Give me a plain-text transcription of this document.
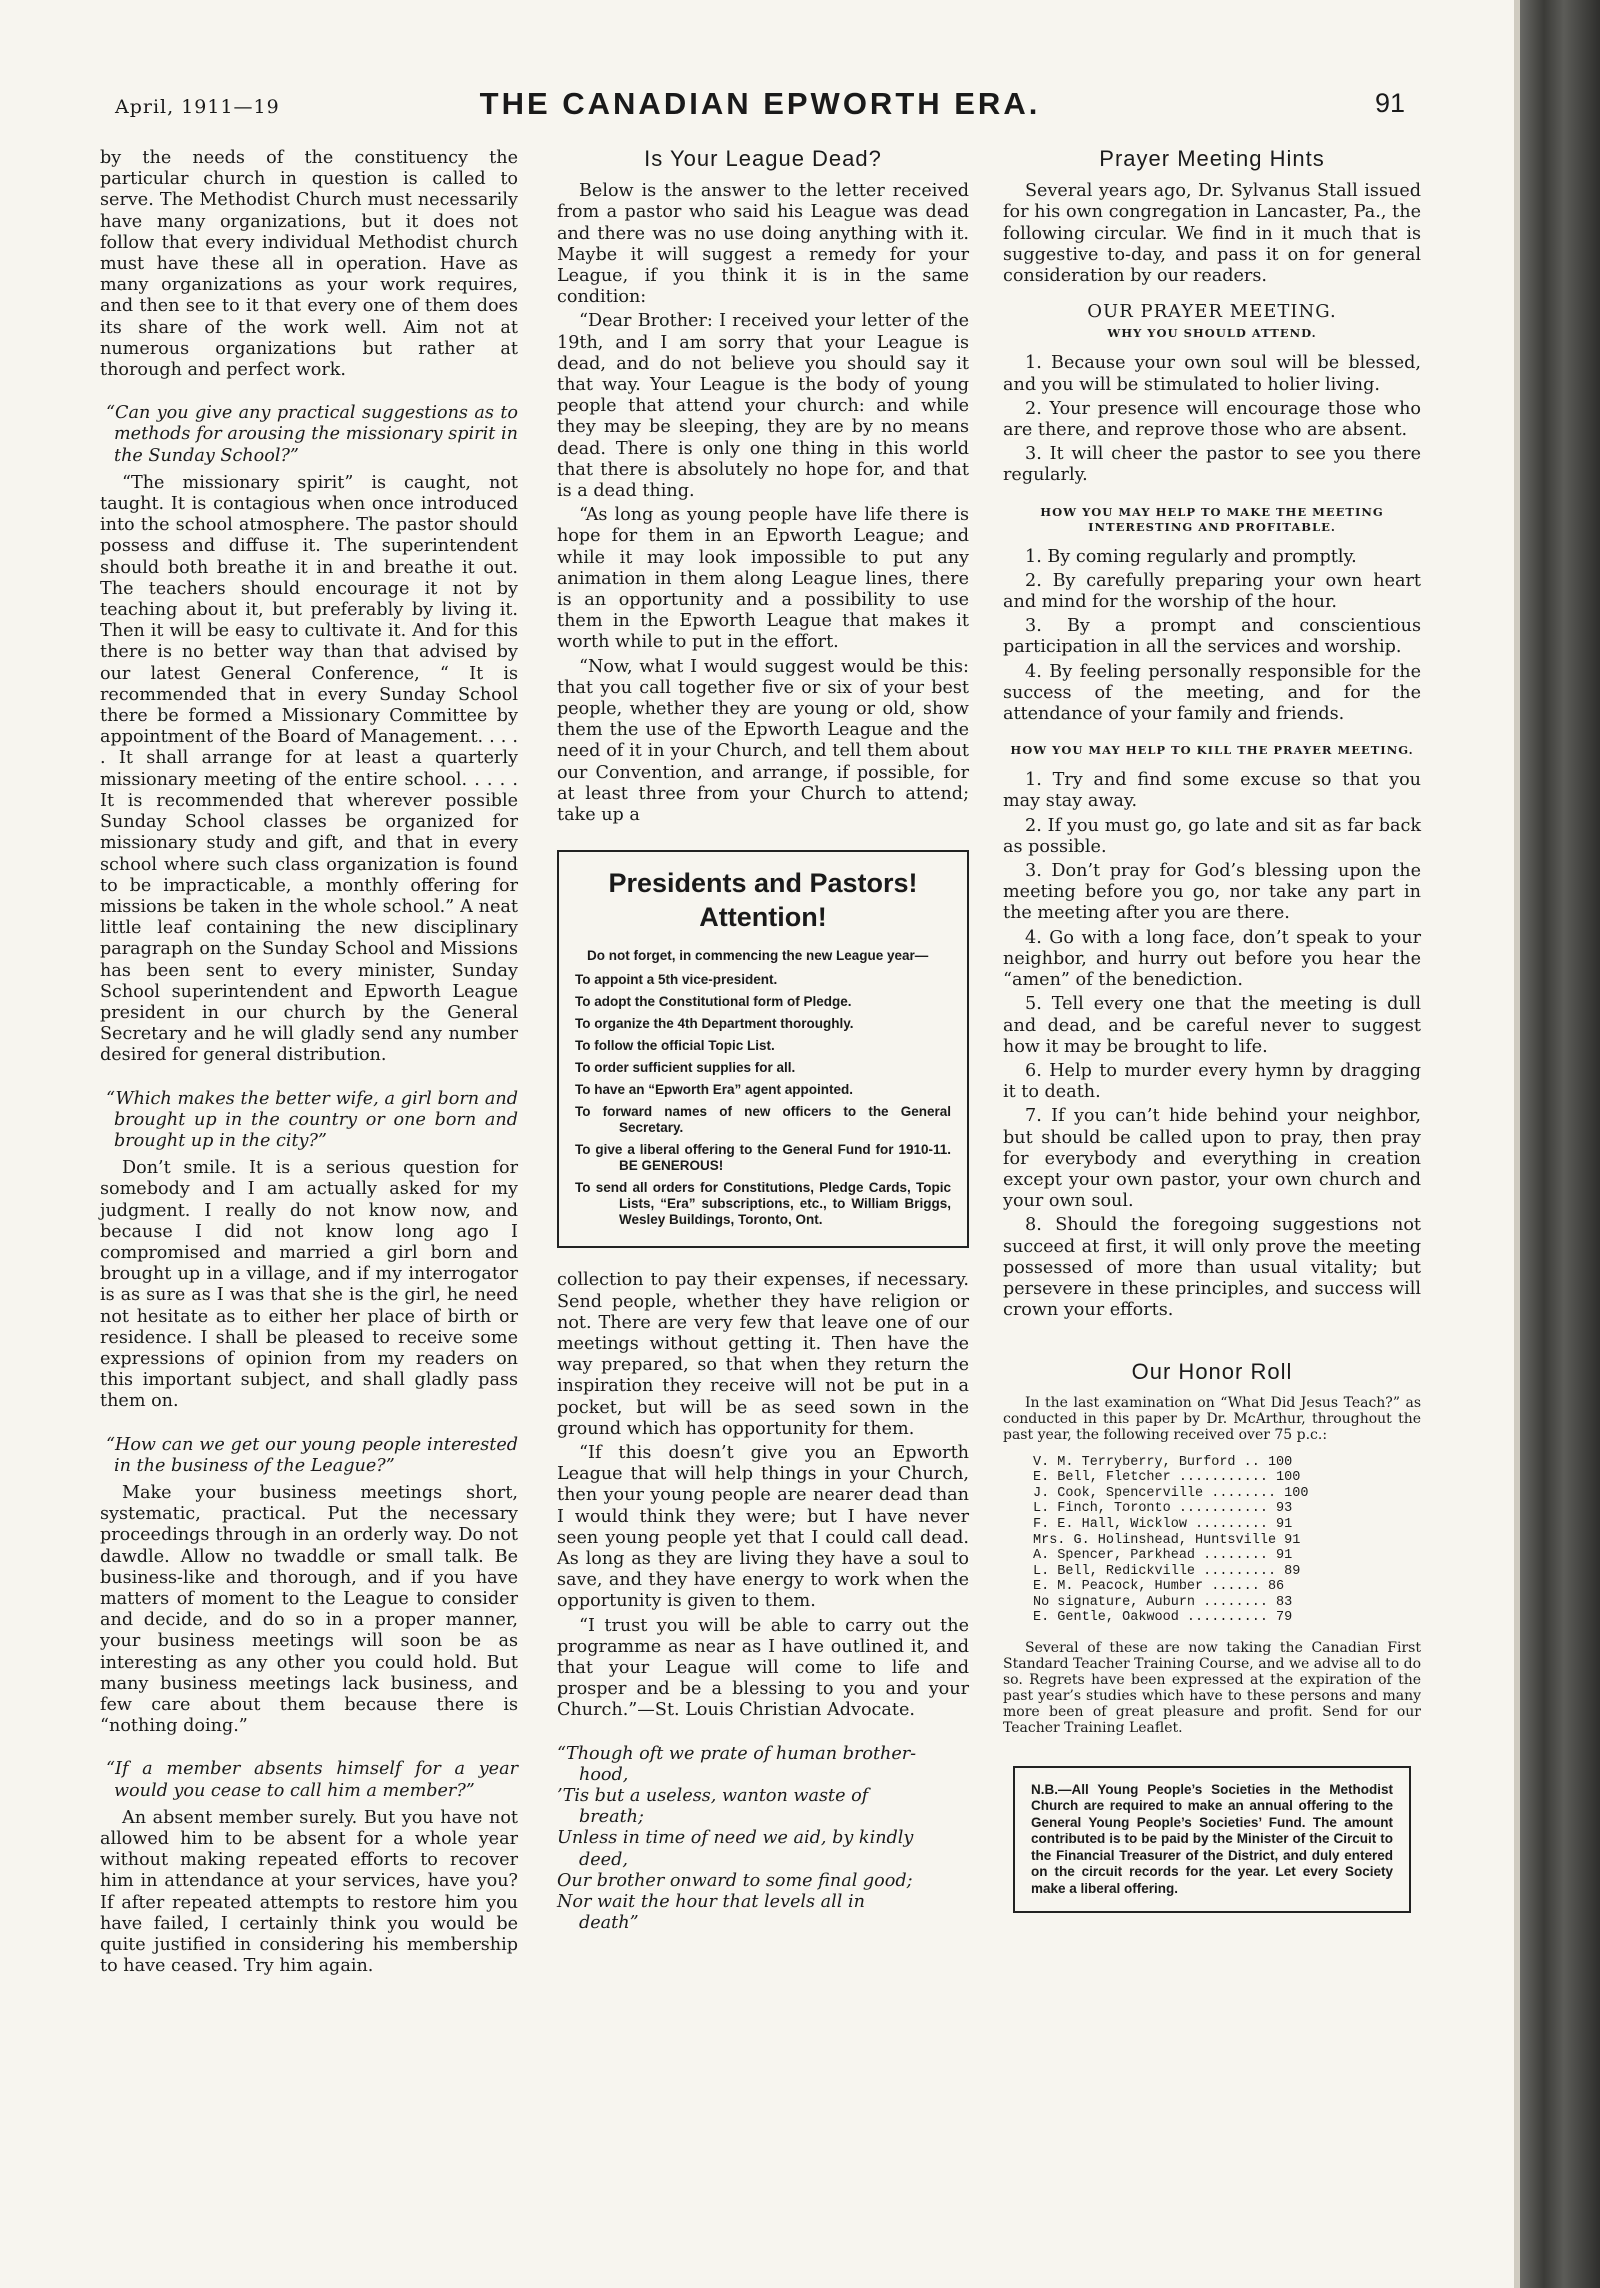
April, 1911—19	THE CANADIAN EPWORTH ERA.	91

by the needs of the constituency the particular church in question is called to serve. The Methodist Church must necessarily have many organizations, but it does not follow that every individual Methodist church must have these all in operation. Have as many organizations as your work requires, and then see to it that every one of them does its share of the work well. Aim not at numerous organizations but rather at thorough and perfect work.

“Can you give any practical suggestions as to methods for arousing the missionary spirit in the Sunday School?”

“The missionary spirit” is caught, not taught. It is contagious when once introduced into the school atmosphere. The pastor should possess and diffuse it. The superintendent should both breathe it in and breathe it out. The teachers should encourage it not by teaching about it, but preferably by living it. Then it will be easy to cultivate it. And for this there is no better way than that advised by our latest General Conference, “ It is recommended that in every Sunday School there be formed a Missionary Committee by appointment of the Board of Management. . . . . It shall arrange for at least a quarterly missionary meeting of the entire school. . . . . It is recommended that wherever possible Sunday School classes be organized for missionary study and gift, and that in every school where such class organization is found to be impracticable, a monthly offering for missions be taken in the whole school.” A neat little leaf containing the new disciplinary paragraph on the Sunday School and Missions has been sent to every minister, Sunday School superintendent and Epworth League president in our church by the General Secretary and he will gladly send any number desired for general distribution.

“Which makes the better wife, a girl born and brought up in the country or one born and brought up in the city?”

Don’t smile. It is a serious question for somebody and I am actually asked for my judgment. I really do not know now, and because I did not know long ago I compromised and married a girl born and brought up in a village, and if my interrogator is as sure as I was that she is the girl, he need not hesitate as to either her place of birth or residence. I shall be pleased to receive some expressions of opinion from my readers on this important subject, and shall gladly pass them on.

“How can we get our young people interested in the business of the League?”

Make your business meetings short, systematic, practical. Put the necessary proceedings through in an orderly way. Do not dawdle. Allow no twaddle or small talk. Be business-like and thorough, and if you have matters of moment to the League to consider and decide, and do so in a proper manner, your business meetings will soon be as interesting as any other you could hold. But many business meetings lack business, and few care about them because there is “nothing doing.”

“If a member absents himself for a year would you cease to call him a member?”

An absent member surely. But you have not allowed him to be absent for a whole year without making repeated efforts to recover him in attendance at your services, have you? If after repeated attempts to restore him you have failed, I certainly think you would be quite justified in considering his membership to have ceased. Try him again.

Is Your League Dead?

Below is the answer to the letter received from a pastor who said his League was dead and there was no use doing anything with it. Maybe it will suggest a remedy for your League, if you think it is in the same condition:

“Dear Brother: I received your letter of the 19th, and I am sorry that your League is dead, and do not believe you should say it that way. Your League is the body of young people that attend your church: and while they may be sleeping, they are by no means dead. There is only one thing in this world that there is absolutely no hope for, and that is a dead thing.

“As long as young people have life there is hope for them in an Epworth League; and while it may look impossible to put any animation in them along League lines, there is an opportunity and a possibility to use them in the Epworth League that makes it worth while to put in the effort.

“Now, what I would suggest would be this: that you call together five or six of your best people, whether they are young or old, show them the use of the Epworth League and the need of it in your Church, and tell them about our Convention, and arrange, if possible, for at least three from your Church to attend; take up a

Presidents and Pastors! Attention!
Do not forget, in commencing the new League year—
To appoint a 5th vice-president.
To adopt the Constitutional form of Pledge.
To organize the 4th Department thoroughly.
To follow the official Topic List.
To order sufficient supplies for all.
To have an “Epworth Era” agent appointed.
To forward names of new officers to the General Secretary.
To give a liberal offering to the General Fund for 1910-11. BE GENEROUS!
To send all orders for Constitutions, Pledge Cards, Topic Lists, “Era” subscriptions, etc., to William Briggs, Wesley Buildings, Toronto, Ont.

collection to pay their expenses, if necessary. Send people, whether they have religion or not. There are very few that leave one of our meetings without getting it. Then have the way prepared, so that when they return the inspiration they receive will not be put in a pocket, but will be as seed sown in the ground which has opportunity for them.

“If this doesn’t give you an Epworth League that will help things in your Church, then your young people are nearer dead than I would think they were; but I have never seen young people yet that I could call dead. As long as they are living they have a soul to save, and they have energy to work when the opportunity is given to them.

“I trust you will be able to carry out the programme as near as I have outlined it, and that your League will come to life and prosper and be a blessing to you and your Church.”—St. Louis Christian Advocate.

“Though oft we prate of human brother-
hood,
’Tis but a useless, wanton waste of
breath;
Unless in time of need we aid, by kindly
deed,
Our brother onward to some final good;
Nor wait the hour that levels all in
death”
Prayer Meeting Hints

Several years ago, Dr. Sylvanus Stall issued for his own congregation in Lancaster, Pa., the following circular. We find in it much that is suggestive to-day, and pass it on for general consideration by our readers.

OUR PRAYER MEETING.
WHY YOU SHOULD ATTEND.

1. Because your own soul will be blessed, and you will be stimulated to holier living.

2. Your presence will encourage those who are there, and reprove those who are absent.

3. It will cheer the pastor to see you there regularly.

HOW YOU MAY HELP TO MAKE THE MEETING INTERESTING AND PROFITABLE.

1. By coming regularly and promptly.

2. By carefully preparing your own heart and mind for the worship of the hour.

3. By a prompt and conscientious participation in all the services and worship.

4. By feeling personally responsible for the success of the meeting, and for the attendance of your family and friends.

HOW YOU MAY HELP TO KILL THE PRAYER MEETING.

1. Try and find some excuse so that you may stay away.

2. If you must go, go late and sit as far back as possible.

3. Don’t pray for God’s blessing upon the meeting before you go, nor take any part in the meeting after you are there.

4. Go with a long face, don’t speak to your neighbor, and hurry out before you hear the “amen” of the benediction.

5. Tell every one that the meeting is dull and dead, and be careful never to suggest how it may be brought to life.

6. Help to murder every hymn by dragging it to death.

7. If you can’t hide behind your neighbor, but should be called upon to pray, then pray for everybody and everything in creation except your own pastor, your own church and your own soul.

8. Should the foregoing suggestions not succeed at first, it will only prove the meeting possessed of more than usual vitality; but persevere in these principles, and success will crown your efforts.

Our Honor Roll

In the last examination on “What Did Jesus Teach?” as conducted in this paper by Dr. McArthur, throughout the past year, the following received over 75 p.c.:

V. M. Terryberry, Burford .. 100
E. Bell, Fletcher ........... 100
J. Cook, Spencerville ........ 100
L. Finch, Toronto ........... 93
F. E. Hall, Wicklow ......... 91
Mrs. G. Holinshead, Huntsville 91
A. Spencer, Parkhead ........ 91
L. Bell, Redickville ......... 89
E. M. Peacock, Humber ...... 86
No signature, Auburn ........ 83
E. Gentle, Oakwood .......... 79

Several of these are now taking the Canadian First Standard Teacher Training Course, and we advise all to do so. Regrets have been expressed at the expiration of the past year’s studies which have to these persons and many more been of great pleasure and profit. Send for our Teacher Training Leaflet.

N.B.—All Young People’s Societies in the Methodist Church are required to make an annual offering to the General Young People’s Societies’ Fund. The amount contributed is to be paid by the Minister of the Circuit to the Financial Treasurer of the District, and duly entered on the circuit records for the year. Let every Society make a liberal offering.
